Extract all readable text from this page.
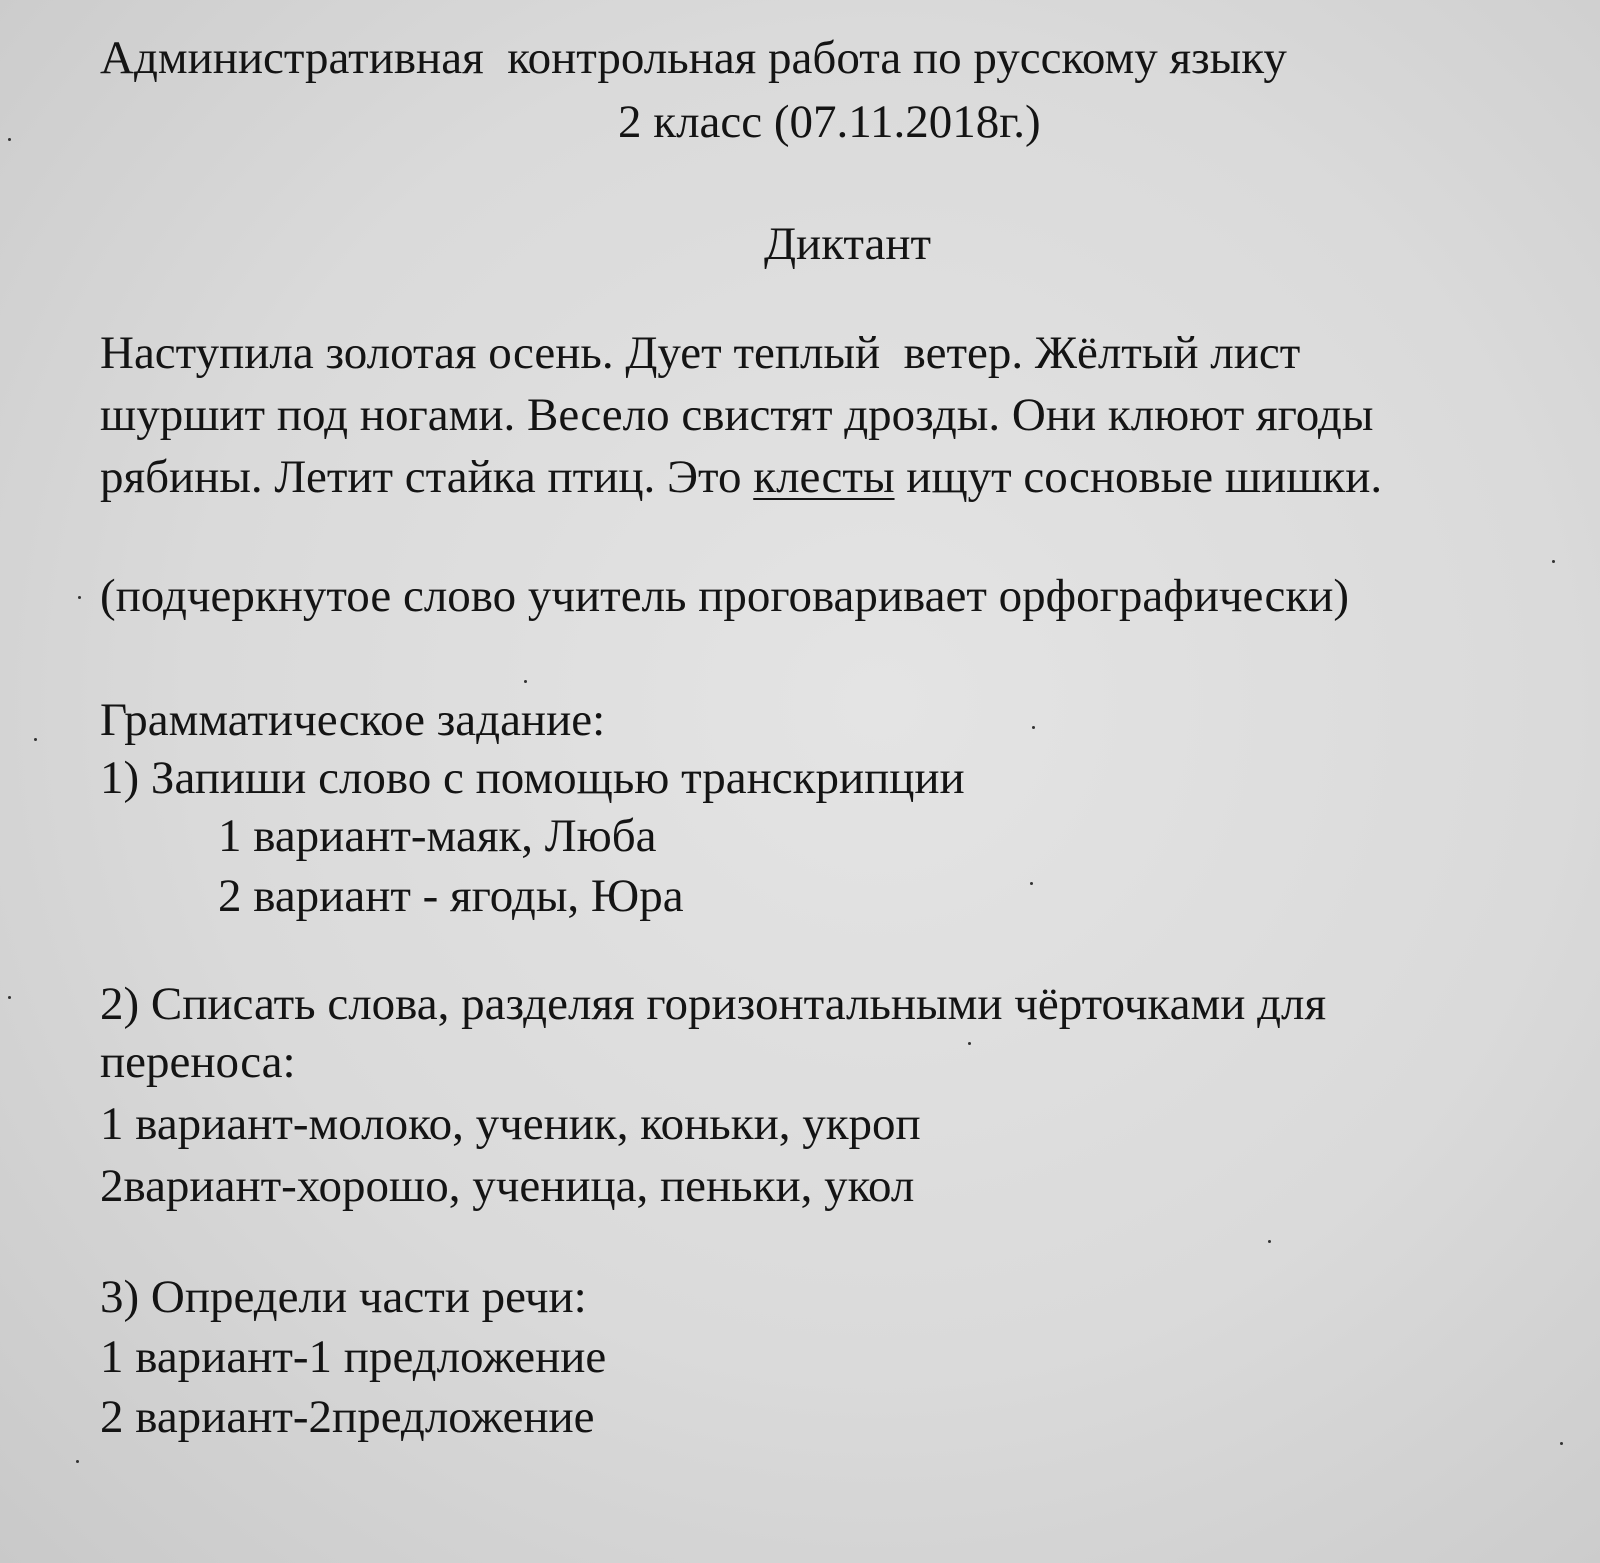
Административная  контрольная работа по русскому языку

2 класс (07.11.2018г.)

Диктант

Наступила золотая осень. Дует теплый  ветер. Жёлтый лист

шуршит под ногами. Весело свистят дрозды. Они клюют ягоды

рябины. Летит стайка птиц. Это клесты ищут сосновые шишки.

(подчеркнутое слово учитель проговаривает орфографически)

Грамматическое задание:

1) Запиши слово с помощью транскрипции

1 вариант-маяк, Люба

2 вариант - ягоды, Юра

2) Списать слова, разделяя горизонтальными чёрточками для

переноса:

1 вариант-молоко, ученик, коньки, укроп

2вариант-хорошо, ученица, пеньки, укол

3) Определи части речи:

1 вариант-1 предложение

2 вариант-2предложение
